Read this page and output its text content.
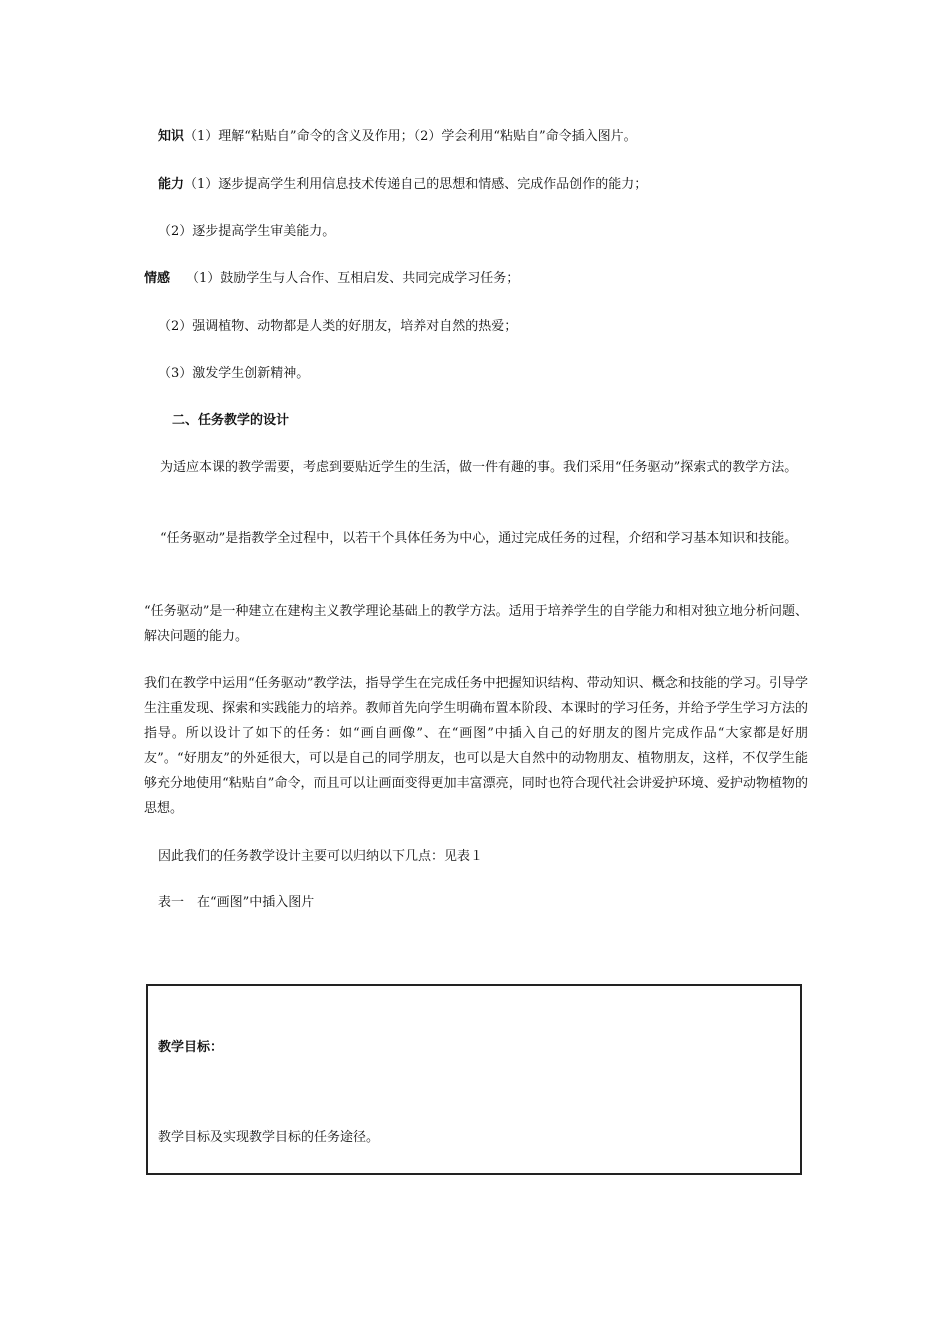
知识（1）理解“粘贴自”命令的含义及作用；（2）学会利用“粘贴自”命令插入图片。
能力（1）逐步提高学生利用信息技术传递自己的思想和情感、完成作品创作的能力；
（2）逐步提高学生审美能力。
情感 （1）鼓励学生与人合作、互相启发、共同完成学习任务；
（2）强调植物、动物都是人类的好朋友，培养对自然的热爱；
（3）激发学生创新精神。
二、任务教学的设计
为适应本课的教学需要，考虑到要贴近学生的生活，做一件有趣的事。我们采用“任务驱动”探索式的教学方法。
“任务驱动”是指教学全过程中，以若干个具体任务为中心，通过完成任务的过程，介绍和学习基本知识和技能。
“任务驱动”是一种建立在建构主义教学理论基础上的教学方法。适用于培养学生的自学能力和相对独立地分析问题、解决问题的能力。
我们在教学中运用“任务驱动”教学法，指导学生在完成任务中把握知识结构、带动知识、概念和技能的学习。引导学生注重发现、探索和实践能力的培养。教师首先向学生明确布置本阶段、本课时的学习任务，并给予学生学习方法的指导。所以设计了如下的任务：如“画自画像”、在“画图”中插入自己的好朋友的图片完成作品“大家都是好朋友”。“好朋友”的外延很大，可以是自己的同学朋友，也可以是大自然中的动物朋友、植物朋友，这样，不仅学生能够充分地使用“粘贴自”命令，而且可以让画面变得更加丰富漂亮，同时也符合现代社会讲爱护环境、爱护动物植物的思想。
因此我们的任务教学设计主要可以归纳以下几点：见表１
表一　在“画图”中插入图片
教学目标：
教学目标及实现教学目标的任务途径。
